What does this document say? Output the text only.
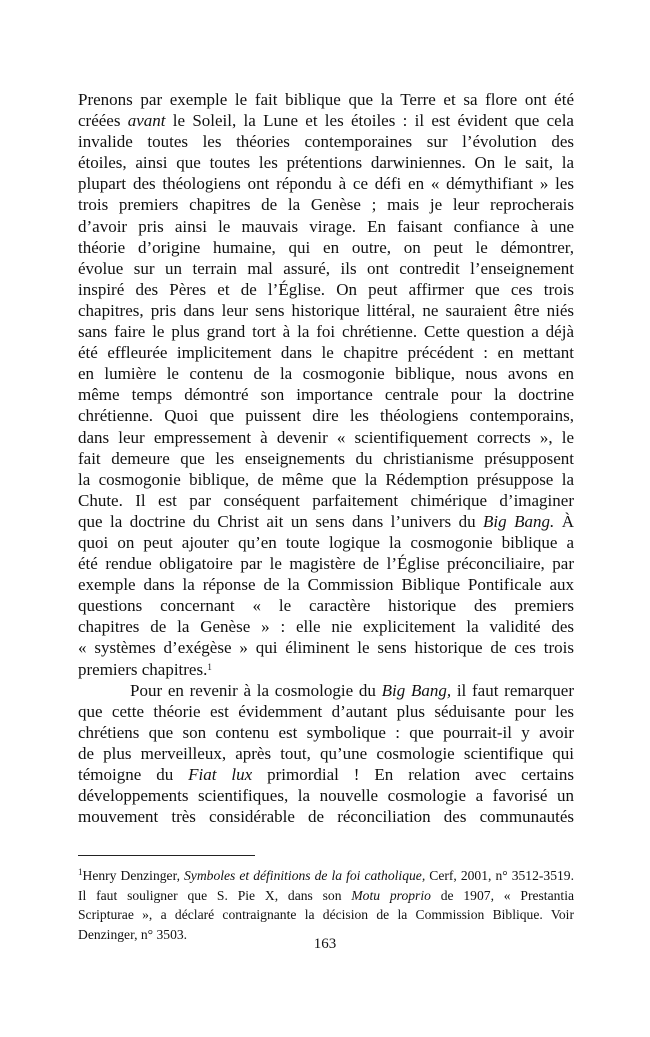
Prenons par exemple le fait biblique que la Terre et sa flore ont été
créées avant le Soleil, la Lune et les étoiles : il est évident que cela
invalide toutes les théories contemporaines sur l’évolution des
étoiles, ainsi que toutes les prétentions darwiniennes. On le sait, la
plupart des théologiens ont répondu à ce défi en « démythifiant » les
trois premiers chapitres de la Genèse ; mais je leur reprocherais
d’avoir pris ainsi le mauvais virage. En faisant confiance à une
théorie d’origine humaine, qui en outre, on peut le démontrer,
évolue sur un terrain mal assuré, ils ont contredit l’enseignement
inspiré des Pères et de l’Église. On peut affirmer que ces trois
chapitres, pris dans leur sens historique littéral, ne sauraient être niés
sans faire le plus grand tort à la foi chrétienne. Cette question a déjà
été effleurée implicitement dans le chapitre précédent : en mettant
en lumière le contenu de la cosmogonie biblique, nous avons en
même temps démontré son importance centrale pour la doctrine
chrétienne. Quoi que puissent dire les théologiens contemporains,
dans leur empressement à devenir « scientifiquement corrects », le
fait demeure que les enseignements du christianisme présupposent
la cosmogonie biblique, de même que la Rédemption présuppose la
Chute. Il est par conséquent parfaitement chimérique d’imaginer
que la doctrine du Christ ait un sens dans l’univers du Big Bang. À
quoi on peut ajouter qu’en toute logique la cosmogonie biblique a
été rendue obligatoire par le magistère de l’Église préconciliaire, par
exemple dans la réponse de la Commission Biblique Pontificale aux
questions concernant « le caractère historique des premiers
chapitres de la Genèse » : elle nie explicitement la validité des
« systèmes d’exégèse » qui éliminent le sens historique de ces trois
premiers chapitres.$^1$
Pour en revenir à la cosmologie du Big Bang, il faut remarquer
que cette théorie est évidemment d’autant plus séduisante pour les
chrétiens que son contenu est symbolique : que pourrait-il y avoir
de plus merveilleux, après tout, qu’une cosmologie scientifique qui
témoigne du Fiat lux primordial ! En relation avec certains
développements scientifiques, la nouvelle cosmologie a favorisé un
mouvement très considérable de réconciliation des communautés
$^1$Henry Denzinger, Symboles et définitions de la foi catholique, Cerf, 2001, n° 3512-3519.
Il faut souligner que S. Pie X, dans son Motu proprio de 1907, « Prestantia
Scripturae », a déclaré contraignante la décision de la Commission Biblique. Voir
Denzinger, n° 3503.
163
